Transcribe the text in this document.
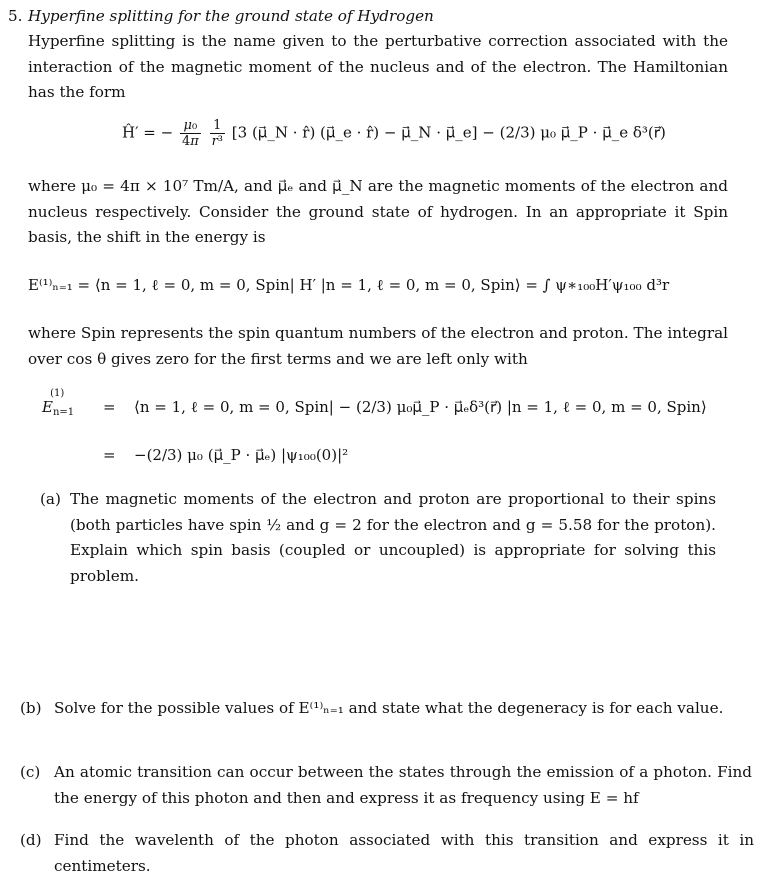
5. Hyperfine splitting for the ground state of Hydrogen
Hyperfine splitting is the name given to the perturbative correction associated with the interaction of the magnetic moment of the nucleus and of the electron. The Hamiltonian has the form
Ĥ′ = − $\frac{\text{μ₀}}{4\pi}$
$\frac{1}{\text{r³}} [3$ (μ⃗_N · r̂) (μ⃗_e · r̂) − μ⃗_N · μ⃗_e] − (2/3) μ₀ μ⃗_P · μ⃗_e δ³(r⃗)
where μ₀ = 4π × 10⁷ Tm/A, and μ⃗ₑ and μ⃗_N are the magnetic moments of the electron and nucleus respectively. Consider the ground state of hydrogen. In an appropriate it Spin basis, the shift in the energy is
E⁽¹⁾ₙ₌₁ = ⟨n = 1, ℓ = 0, m = 0, Spin| H′ |n = 1, ℓ = 0, m = 0, Spin⟩ = ∫ ψ∗₁₀₀H′ψ₁₀₀ d³r
where Spin represents the spin quantum numbers of the electron and proton. The integral over cos θ gives zero for the first terms and we are left only with
$E_{n=1}^{(1)}$
= ⟨n = 1, ℓ = 0, m = 0, Spin| − (2/3) μ₀μ⃗_P · μ⃗ₑδ³(r⃗) |n = 1, ℓ = 0, m = 0, Spin⟩
= −(2/3) μ₀ (μ⃗_P · μ⃗ₑ) |ψ₁₀₀(0)|²
(a) The magnetic moments of the electron and proton are proportional to their spins (both particles have spin ½ and g = 2 for the electron and g = 5.58 for the proton). Explain which spin basis (coupled or uncoupled) is appropriate for solving this problem.
(b) Solve for the possible values of E⁽¹⁾ₙ₌₁ and state what the degeneracy is for each value.
(c) An atomic transition can occur between the states through the emission of a photon. Find the energy of this photon and then and express it as frequency using E = hf
(d) Find the wavelenth of the photon associated with this transition and express it in centimeters.
